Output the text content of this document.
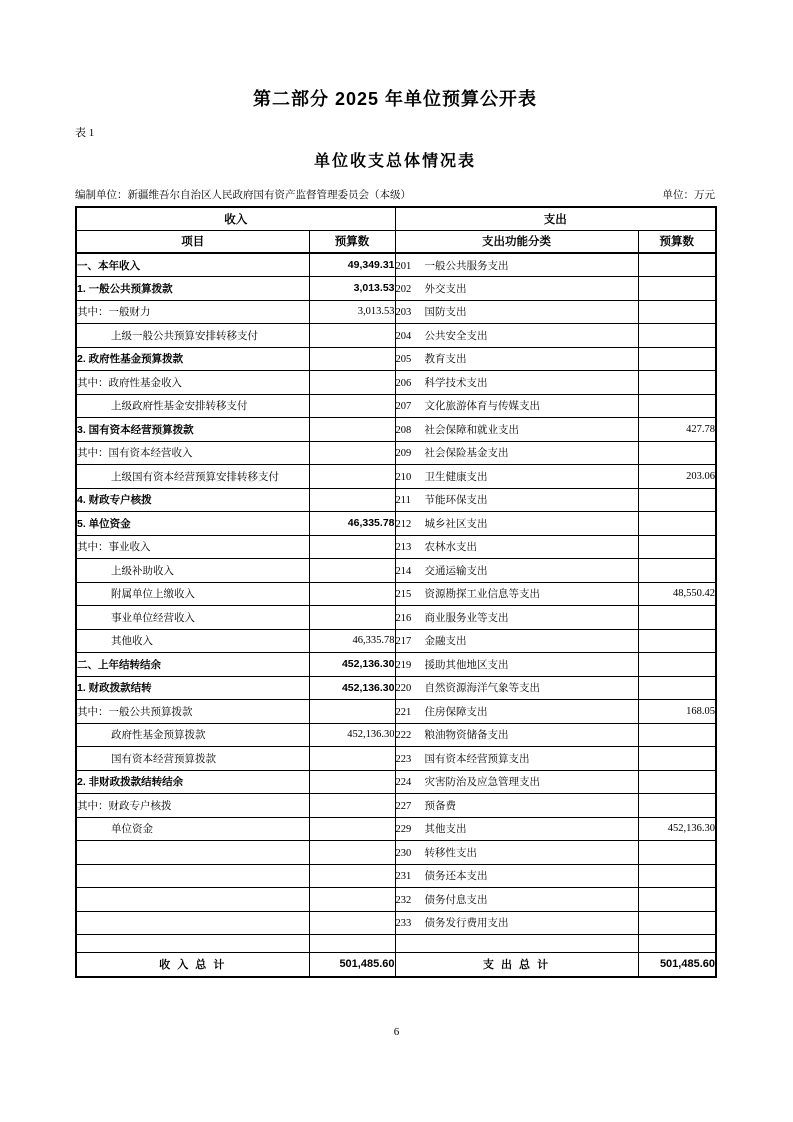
第二部分 2025 年单位预算公开表
表 1
单位收支总体情况表
编制单位：新疆维吾尔自治区人民政府国有资产监督管理委员会（本级）	单位：万元
收入		支出	
项目	预算数	支出功能分类	预算数
一、本年收入	49,349.31	201 一般公共服务支出	
1. 一般公共预算拨款	3,013.53	202 外交支出	
其中：一般财力	3,013.53	203 国防支出	
上级一般公共预算安排转移支付		204 公共安全支出	
2. 政府性基金预算拨款		205 教育支出	
其中：政府性基金收入		206 科学技术支出	
上级政府性基金安排转移支付		207 文化旅游体育与传媒支出	
3. 国有资本经营预算拨款		208 社会保障和就业支出	427.78
其中：国有资本经营收入		209 社会保险基金支出	
上级国有资本经营预算安排转移支付		210 卫生健康支出	203.06
4. 财政专户核拨		211 节能环保支出	
5. 单位资金	46,335.78	212 城乡社区支出	
其中：事业收入		213 农林水支出	
上级补助收入		214 交通运输支出	
附属单位上缴收入		215 资源勘探工业信息等支出	48,550.42
事业单位经营收入		216 商业服务业等支出	
其他收入	46,335.78	217 金融支出	
二、上年结转结余	452,136.30	219 援助其他地区支出	
1. 财政拨款结转	452,136.30	220 自然资源海洋气象等支出	
其中：一般公共预算拨款		221 住房保障支出	168.05
政府性基金预算拨款	452,136.30	222 粮油物资储备支出	
国有资本经营预算拨款		223 国有资本经营预算支出	
2. 非财政拨款结转结余		224 灾害防治及应急管理支出	
其中：财政专户核拨		227 预备费	
单位资金		229 其他支出	452,136.30
		230 转移性支出	
		231 债务还本支出	
		232 债务付息支出	
		233 债务发行费用支出	

收 入 总 计	501,485.60	支 出 总 计	501,485.60
6
